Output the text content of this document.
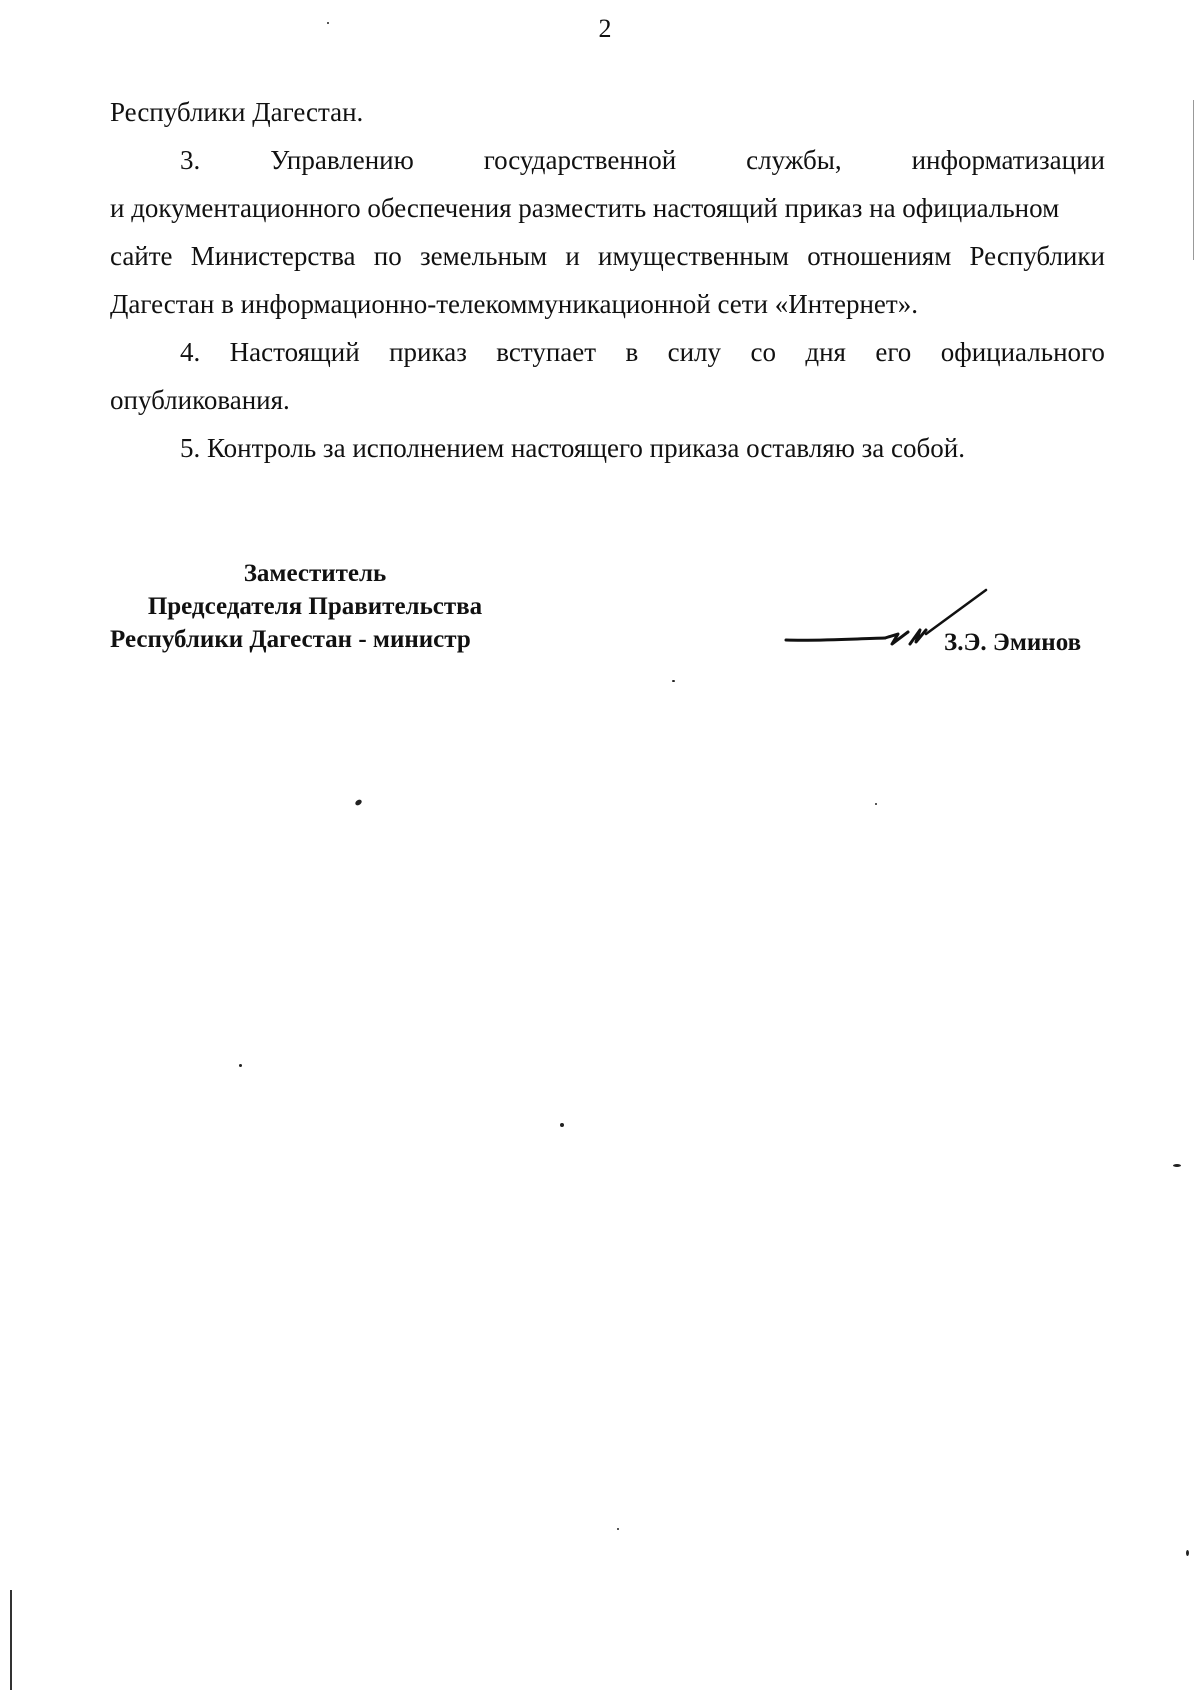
2
Республики Дагестан.
3.	Управлению	государственной	службы,	информатизации
и документационного обеспечения разместить настоящий приказ на официальном
сайте Министерства по земельным и имущественным отношениям Республики
Дагестан в информационно-телекоммуникационной сети «Интернет».
4. Настоящий приказ вступает в силу со дня его официального
опубликования.
5. Контроль за исполнением настоящего приказа оставляю за собой.
Заместитель
Председателя Правительства
Республики Дагестан - министр	З.Э. Эминов
